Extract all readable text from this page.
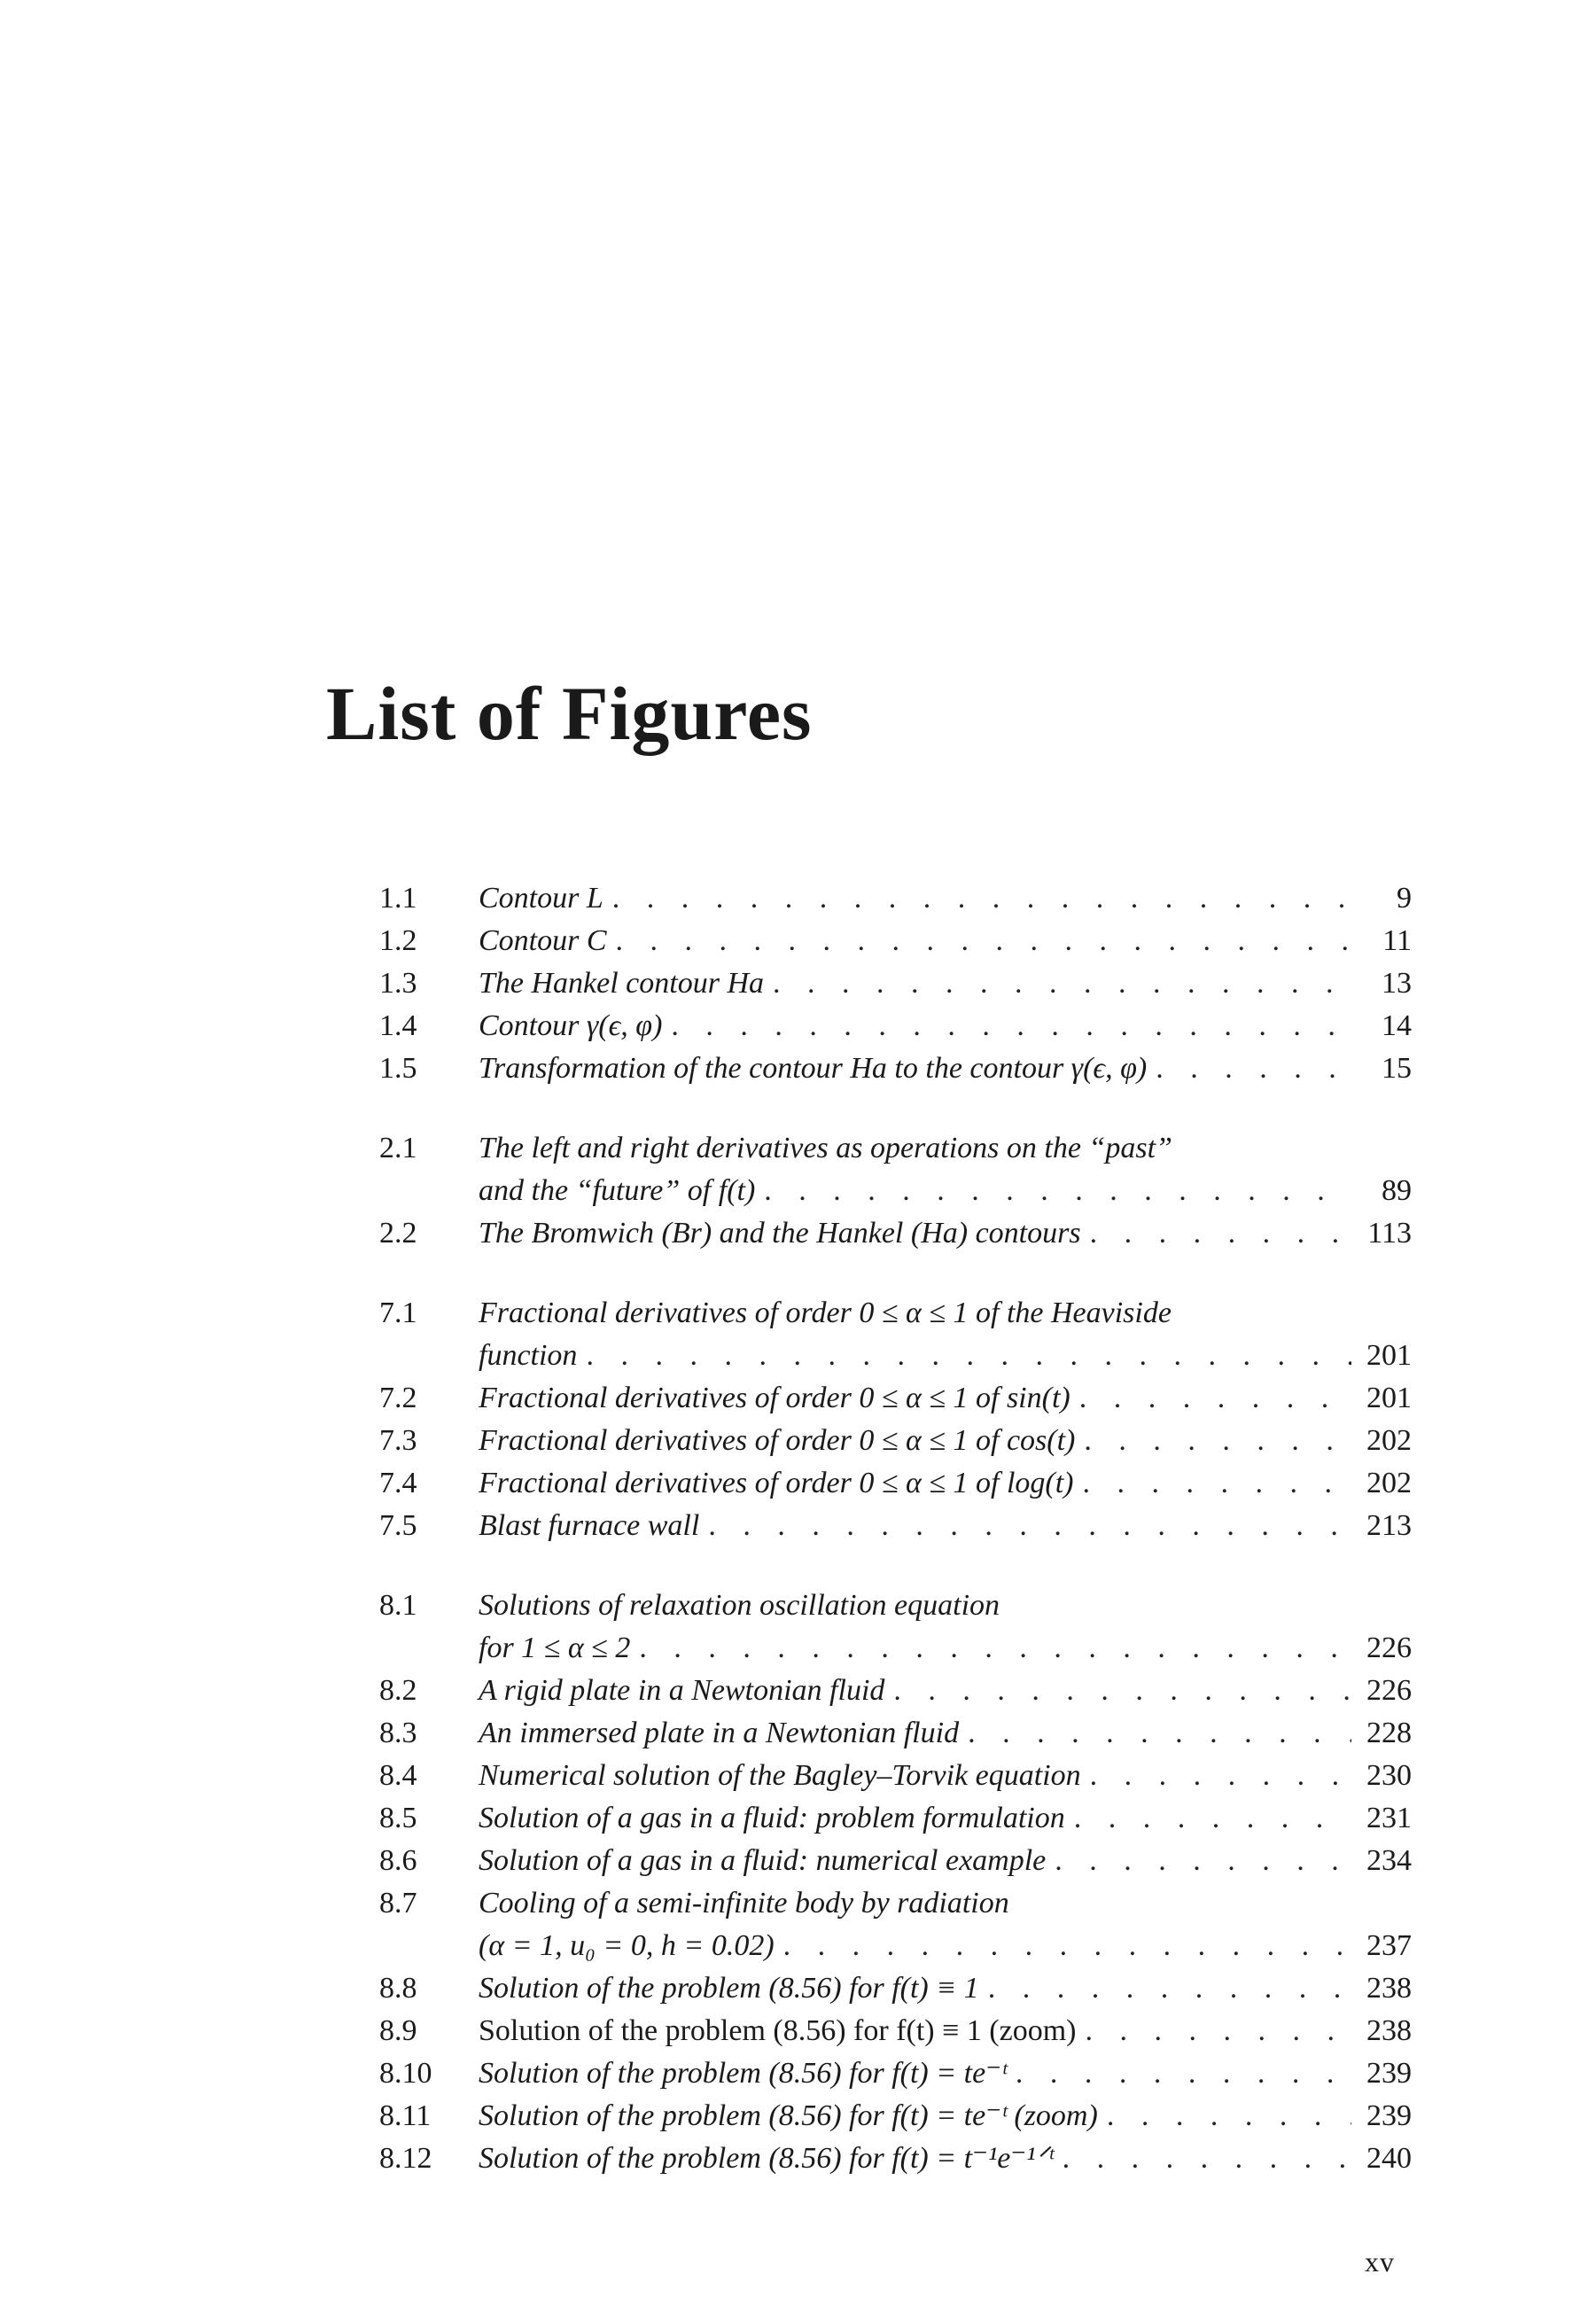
List of Figures
1.1	Contour L . . .	9
1.2	Contour C . . .	11
1.3	The Hankel contour Ha . . .	13
1.4	Contour γ(ϵ, φ) . . .	14
1.5	Transformation of the contour Ha to the contour γ(ϵ, φ) . . .	15
2.1	The left and right derivatives as operations on the “past”
and the “future” of f(t) . . .	89
2.2	The Bromwich (Br) and the Hankel (Ha) contours . . .	113
7.1	Fractional derivatives of order 0 ≤ α ≤ 1 of the Heaviside
function . . .	201
7.2	Fractional derivatives of order 0 ≤ α ≤ 1 of sin(t) . . .	201
7.3	Fractional derivatives of order 0 ≤ α ≤ 1 of cos(t) . . .	202
7.4	Fractional derivatives of order 0 ≤ α ≤ 1 of log(t) . . .	202
7.5	Blast furnace wall . . .	213
8.1	Solutions of relaxation oscillation equation
for 1 ≤ α ≤ 2 . . .	226
8.2	A rigid plate in a Newtonian fluid . . .	226
8.3	An immersed plate in a Newtonian fluid . . .	228
8.4	Numerical solution of the Bagley–Torvik equation . . .	230
8.5	Solution of a gas in a fluid: problem formulation . . .	231
8.6	Solution of a gas in a fluid: numerical example . . .	234
8.7	Cooling of a semi-infinite body by radiation
(α = 1, u₀ = 0, h = 0.02) . . .	237
8.8	Solution of the problem (8.56) for f(t) ≡ 1 . . .	238
8.9	Solution of the problem (8.56) for f(t) ≡ 1 (zoom) . . .	238
8.10	Solution of the problem (8.56) for f(t) = te⁻ᵗ . . .	239
8.11	Solution of the problem (8.56) for f(t) = te⁻ᵗ (zoom) . . .	239
8.12	Solution of the problem (8.56) for f(t) = t⁻¹e⁻¹ᐟᵗ . . .	240
xv
